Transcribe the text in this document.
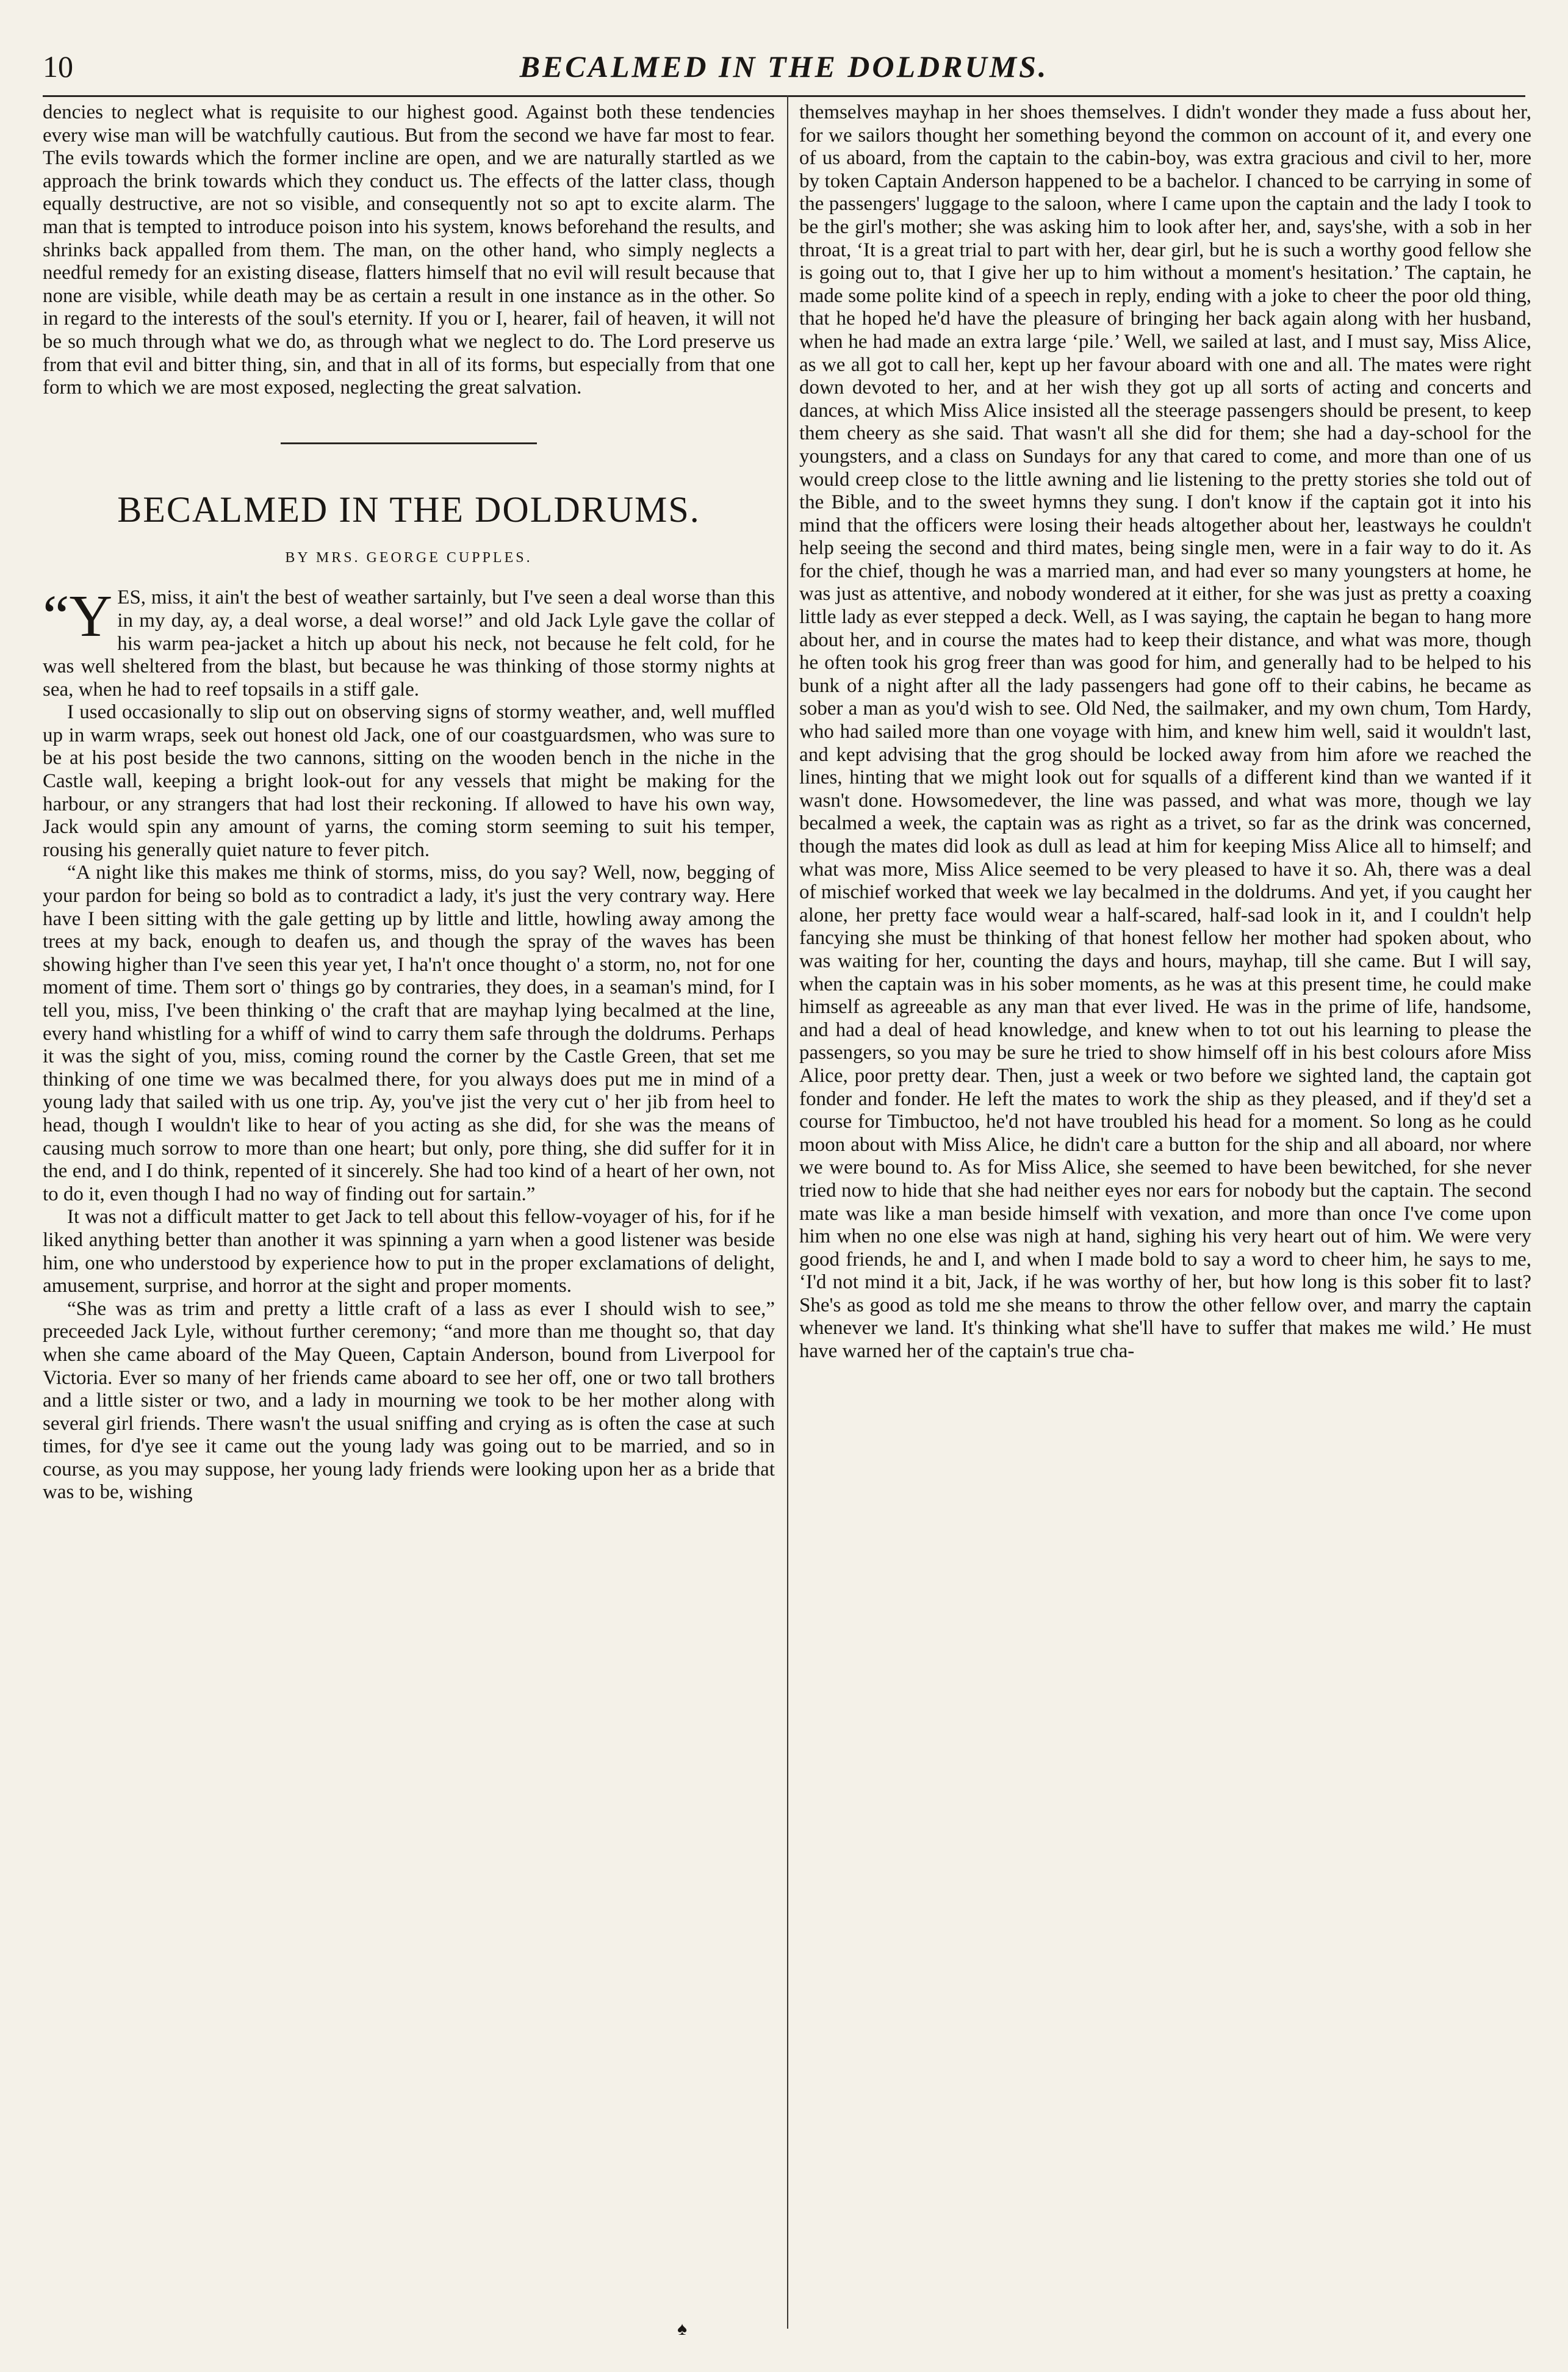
10	BECALMED IN THE DOLDRUMS.

dencies to neglect what is requisite to our highest good. Against both these tendencies every wise man will be watchfully cautious. But from the second we have far most to fear. The evils towards which the former incline are open, and we are naturally startled as we approach the brink towards which they conduct us. The effects of the latter class, though equally destructive, are not so visible, and consequently not so apt to excite alarm. The man that is tempted to introduce poison into his system, knows beforehand the results, and shrinks back appalled from them. The man, on the other hand, who simply neglects a needful remedy for an existing disease, flatters himself that no evil will result because that none are visible, while death may be as certain a result in one instance as in the other. So in regard to the interests of the soul's eternity. If you or I, hearer, fail of heaven, it will not be so much through what we do, as through what we neglect to do. The Lord preserve us from that evil and bitter thing, sin, and that in all of its forms, but especially from that one form to which we are most exposed, neglecting the great salvation.

BECALMED IN THE DOLDRUMS.

BY MRS. GEORGE CUPPLES.

“YES, miss, it ain't the best of weather sartainly, but I've seen a deal worse than this in my day, ay, a deal worse, a deal worse!” and old Jack Lyle gave the collar of his warm pea-jacket a hitch up about his neck, not because he felt cold, for he was well sheltered from the blast, but because he was thinking of those stormy nights at sea, when he had to reef topsails in a stiff gale.

I used occasionally to slip out on observing signs of stormy weather, and, well muffled up in warm wraps, seek out honest old Jack, one of our coastguardsmen, who was sure to be at his post beside the two cannons, sitting on the wooden bench in the niche in the Castle wall, keeping a bright look-out for any vessels that might be making for the harbour, or any strangers that had lost their reckoning. If allowed to have his own way, Jack would spin any amount of yarns, the coming storm seeming to suit his temper, rousing his generally quiet nature to fever pitch.

“A night like this makes me think of storms, miss, do you say? Well, now, begging of your pardon for being so bold as to contradict a lady, it's just the very contrary way. Here have I been sitting with the gale getting up by little and little, howling away among the trees at my back, enough to deafen us, and though the spray of the waves has been showing higher than I've seen this year yet, I ha'n't once thought o' a storm, no, not for one moment of time. Them sort o' things go by contraries, they does, in a seaman's mind, for I tell you, miss, I've been thinking o' the craft that are mayhap lying becalmed at the line, every hand whistling for a whiff of wind to carry them safe through the doldrums. Perhaps it was the sight of you, miss, coming round the corner by the Castle Green, that set me thinking of one time we was becalmed there, for you always does put me in mind of a young lady that sailed with us one trip. Ay, you've jist the very cut o' her jib from heel to head, though I wouldn't like to hear of you acting as she did, for she was the means of causing much sorrow to more than one heart; but only, pore thing, she did suffer for it in the end, and I do think, repented of it sincerely. She had too kind of a heart of her own, not to do it, even though I had no way of finding out for sartain.”

It was not a difficult matter to get Jack to tell about this fellow-voyager of his, for if he liked anything better than another it was spinning a yarn when a good listener was beside him, one who understood by experience how to put in the proper exclamations of delight, amusement, surprise, and horror at the sight and proper moments.

“She was as trim and pretty a little craft of a lass as ever I should wish to see,” preceeded Jack Lyle, without further ceremony; “and more than me thought so, that day when she came aboard of the May Queen, Captain Anderson, bound from Liverpool for Victoria. Ever so many of her friends came aboard to see her off, one or two tall brothers and a little sister or two, and a lady in mourning we took to be her mother along with several girl friends. There wasn't the usual sniffing and crying as is often the case at such times, for d'ye see it came out the young lady was going out to be married, and so in course, as you may suppose, her young lady friends were looking upon her as a bride that was to be, wishing

themselves mayhap in her shoes themselves. I didn't wonder they made a fuss about her, for we sailors thought her something beyond the common on account of it, and every one of us aboard, from the captain to the cabin-boy, was extra gracious and civil to her, more by token Captain Anderson happened to be a bachelor. I chanced to be carrying in some of the passengers' luggage to the saloon, where I came upon the captain and the lady I took to be the girl's mother; she was asking him to look after her, and, says'she, with a sob in her throat, ‘It is a great trial to part with her, dear girl, but he is such a worthy good fellow she is going out to, that I give her up to him without a moment's hesitation.’ The captain, he made some polite kind of a speech in reply, ending with a joke to cheer the poor old thing, that he hoped he'd have the pleasure of bringing her back again along with her husband, when he had made an extra large ‘pile.’ Well, we sailed at last, and I must say, Miss Alice, as we all got to call her, kept up her favour aboard with one and all. The mates were right down devoted to her, and at her wish they got up all sorts of acting and concerts and dances, at which Miss Alice insisted all the steerage passengers should be present, to keep them cheery as she said. That wasn't all she did for them; she had a day-school for the youngsters, and a class on Sundays for any that cared to come, and more than one of us would creep close to the little awning and lie listening to the pretty stories she told out of the Bible, and to the sweet hymns they sung. I don't know if the captain got it into his mind that the officers were losing their heads altogether about her, leastways he couldn't help seeing the second and third mates, being single men, were in a fair way to do it. As for the chief, though he was a married man, and had ever so many youngsters at home, he was just as attentive, and nobody wondered at it either, for she was just as pretty a coaxing little lady as ever stepped a deck. Well, as I was saying, the captain he began to hang more about her, and in course the mates had to keep their distance, and what was more, though he often took his grog freer than was good for him, and generally had to be helped to his bunk of a night after all the lady passengers had gone off to their cabins, he became as sober a man as you'd wish to see. Old Ned, the sailmaker, and my own chum, Tom Hardy, who had sailed more than one voyage with him, and knew him well, said it wouldn't last, and kept advising that the grog should be locked away from him afore we reached the lines, hinting that we might look out for squalls of a different kind than we wanted if it wasn't done. Howsomedever, the line was passed, and what was more, though we lay becalmed a week, the captain was as right as a trivet, so far as the drink was concerned, though the mates did look as dull as lead at him for keeping Miss Alice all to himself; and what was more, Miss Alice seemed to be very pleased to have it so. Ah, there was a deal of mischief worked that week we lay becalmed in the doldrums. And yet, if you caught her alone, her pretty face would wear a half-scared, half-sad look in it, and I couldn't help fancying she must be thinking of that honest fellow her mother had spoken about, who was waiting for her, counting the days and hours, mayhap, till she came. But I will say, when the captain was in his sober moments, as he was at this present time, he could make himself as agreeable as any man that ever lived. He was in the prime of life, handsome, and had a deal of head knowledge, and knew when to tot out his learning to please the passengers, so you may be sure he tried to show himself off in his best colours afore Miss Alice, poor pretty dear. Then, just a week or two before we sighted land, the captain got fonder and fonder. He left the mates to work the ship as they pleased, and if they'd set a course for Timbuctoo, he'd not have troubled his head for a moment. So long as he could moon about with Miss Alice, he didn't care a button for the ship and all aboard, nor where we were bound to. As for Miss Alice, she seemed to have been bewitched, for she never tried now to hide that she had neither eyes nor ears for nobody but the captain. The second mate was like a man beside himself with vexation, and more than once I've come upon him when no one else was nigh at hand, sighing his very heart out of him. We were very good friends, he and I, and when I made bold to say a word to cheer him, he says to me, ‘I'd not mind it a bit, Jack, if he was worthy of her, but how long is this sober fit to last? She's as good as told me she means to throw the other fellow over, and marry the captain whenever we land. It's thinking what she'll have to suffer that makes me wild.’ He must have warned her of the captain's true cha-

♠
